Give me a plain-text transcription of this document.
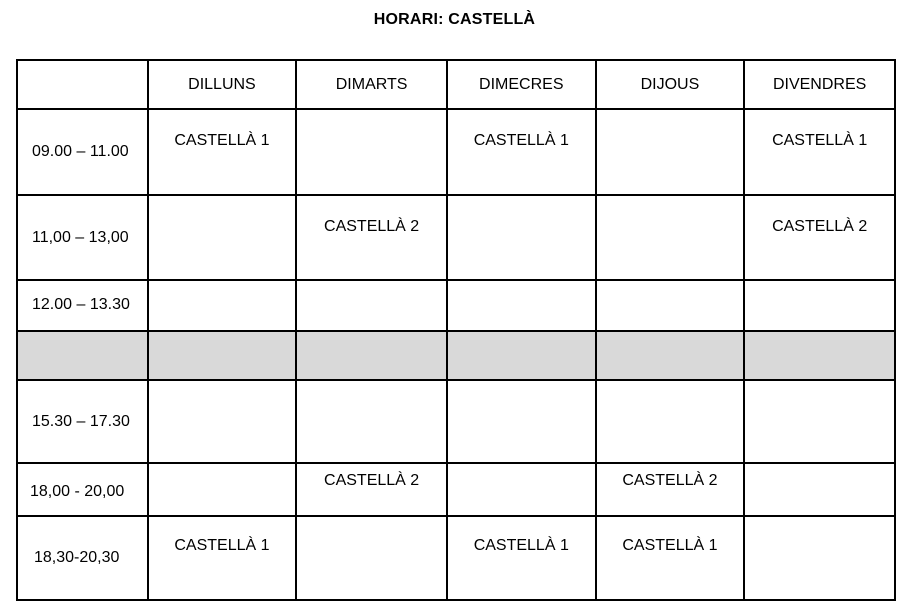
HORARI: CASTELLÀ
	DILLUNS	DIMARTS	DIMECRES	DIJOUS	DIVENDRES

09.00 – 11.00	CASTELLÀ 1		CASTELLÀ 1		CASTELLÀ 1

11,00 – 13,00		CASTELLÀ 2			CASTELLÀ 2

12.00 – 13.30					

15.30 – 17.30					

18,00 - 20,00		CASTELLÀ 2		CASTELLÀ 2	

18,30-20,30	CASTELLÀ 1		CASTELLÀ 1	CASTELLÀ 1	
